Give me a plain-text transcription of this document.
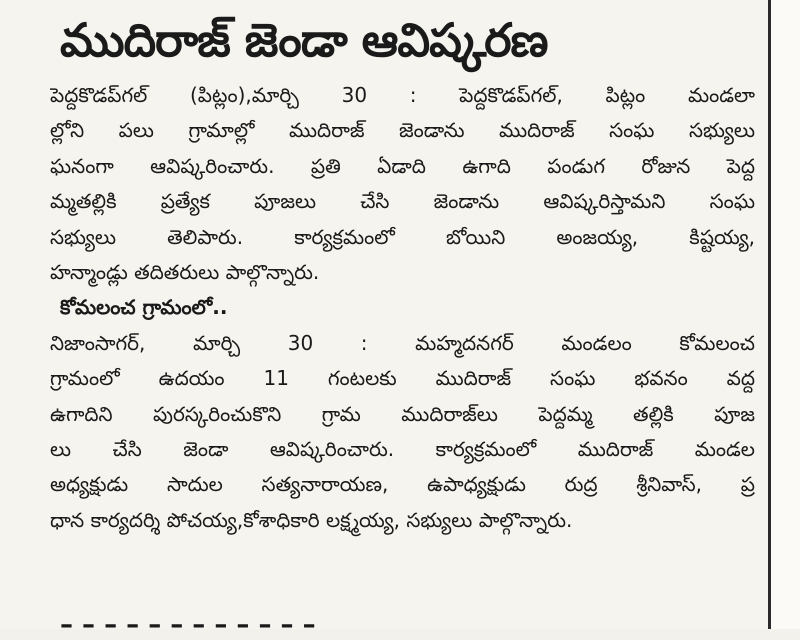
ముదిరాజ్ జెండా ఆవిష్కరణ
పెద్దకొడప్‌గల్ (పిట్లం),మార్చి 30 : పెద్దకొడప్‌గల్, పిట్లం మండలా
ల్లోని పలు గ్రామాల్లో ముదిరాజ్ జెండాను ముదిరాజ్ సంఘ సభ్యులు
ఘనంగా ఆవిష్కరించారు. ప్రతి ఏడాది ఉగాది పండుగ రోజున పెద్ద
మ్మతల్లికి ప్రత్యేక పూజలు చేసి జెండాను ఆవిష్కరిస్తామని సంఘ
సభ్యులు తెలిపారు. కార్యక్రమంలో బోయిని అంజయ్య, కిష్టయ్య,
హన్మాండ్లు తదితరులు పాల్గొన్నారు.
కోమలంచ గ్రామంలో..
నిజాంసాగర్, మార్చి 30 : మహ్మదనగర్ మండలం కోమలంచ
గ్రామంలో ఉదయం 11 గంటలకు ముదిరాజ్ సంఘ భవనం వద్ద
ఉగాదిని పురస్కరించుకొని గ్రామ ముదిరాజ్‌లు పెద్దమ్మ తల్లికి పూజ
లు చేసి జెండా ఆవిష్కరించారు. కార్యక్రమంలో ముదిరాజ్ మండల
అధ్యక్షుడు సాదుల సత్యనారాయణ, ఉపాధ్యక్షుడు రుద్ర శ్రీనివాస్, ప్ర
ధాన కార్యదర్శి పోచయ్య,కోశాధికారి లక్ష్మయ్య, సభ్యులు పాల్గొన్నారు.
– – – – – – – – – – – –
